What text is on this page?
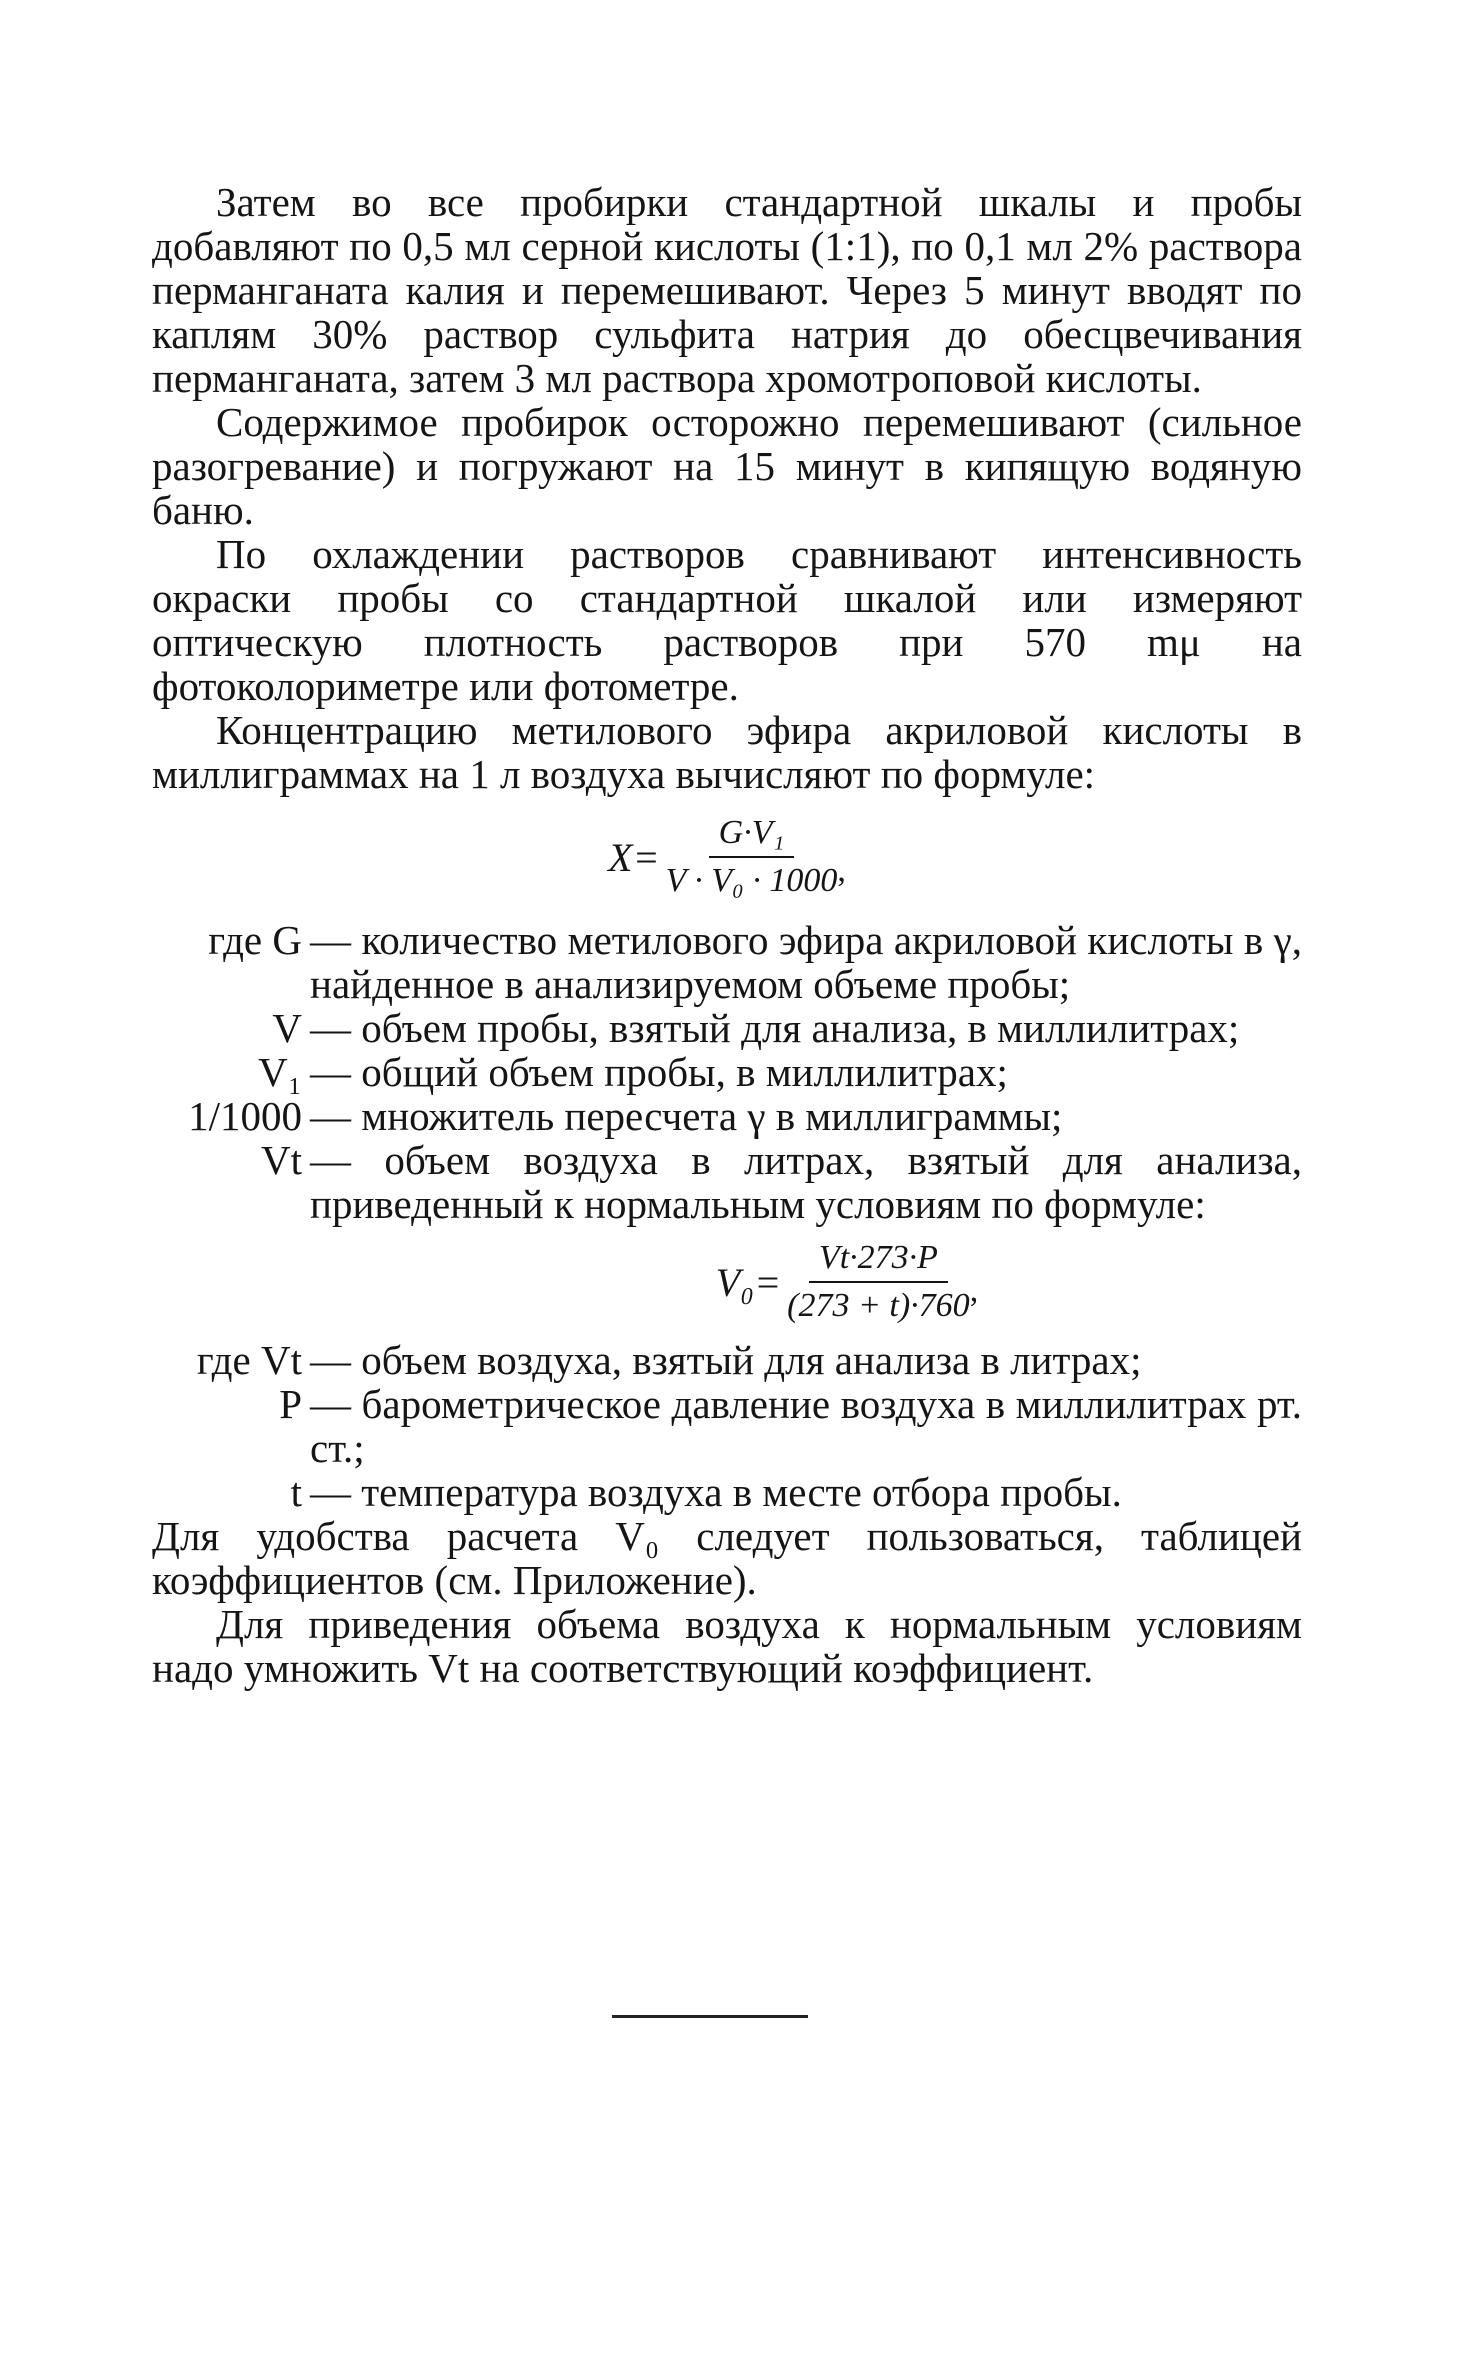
Затем во все пробирки стандартной шкалы и пробы добавляют по 0,5 мл серной кислоты (1:1), по 0,1 мл 2% раствора перманганата калия и перемешивают. Через 5 минут вводят по каплям 30% раствор сульфита натрия до обесцвечивания перманганата, затем 3 мл раствора хромотроповой кислоты.

Содержимое пробирок осторожно перемешивают (сильное разогревание) и погружают на 15 минут в кипящую водяную баню.

По охлаждении растворов сравнивают интенсивность окраски пробы со стандартной шкалой или измеряют оптическую плотность растворов при 570 mμ на фотоколориметре или фотометре.

Концентрацию метилового эфира акриловой кислоты в миллиграммах на 1 л воздуха вычисляют по формуле:

$X= \frac{\text{G·V₁}}{\text{V · V₀ · 1000}}$ ,
где G — количество метилового эфира акриловой кислоты в γ, найденное в анализируемом объеме пробы;
V — объем пробы, взятый для анализа, в миллилитрах;
V₁ — общий объем пробы, в миллилитрах;
1/1000 — множитель пересчета γ в миллиграммы;
Vt — объем воздуха в литрах, взятый для анализа, приведенный к нормальным условиям по формуле:
$V_0= \frac{Vt\cdot 273\cdot P}{(273 + t)\cdot 760}$ ,
где Vt — объем воздуха, взятый для анализа в литрах;
P — барометрическое давление воздуха в миллилитрах рт. ст.;
t — температура воздуха в месте отбора пробы.

Для удобства расчета V₀ следует пользоваться, таблицей коэффициентов (см. Приложение).

Для приведения объема воздуха к нормальным условиям надо умножить Vt на соответствующий коэффициент.
